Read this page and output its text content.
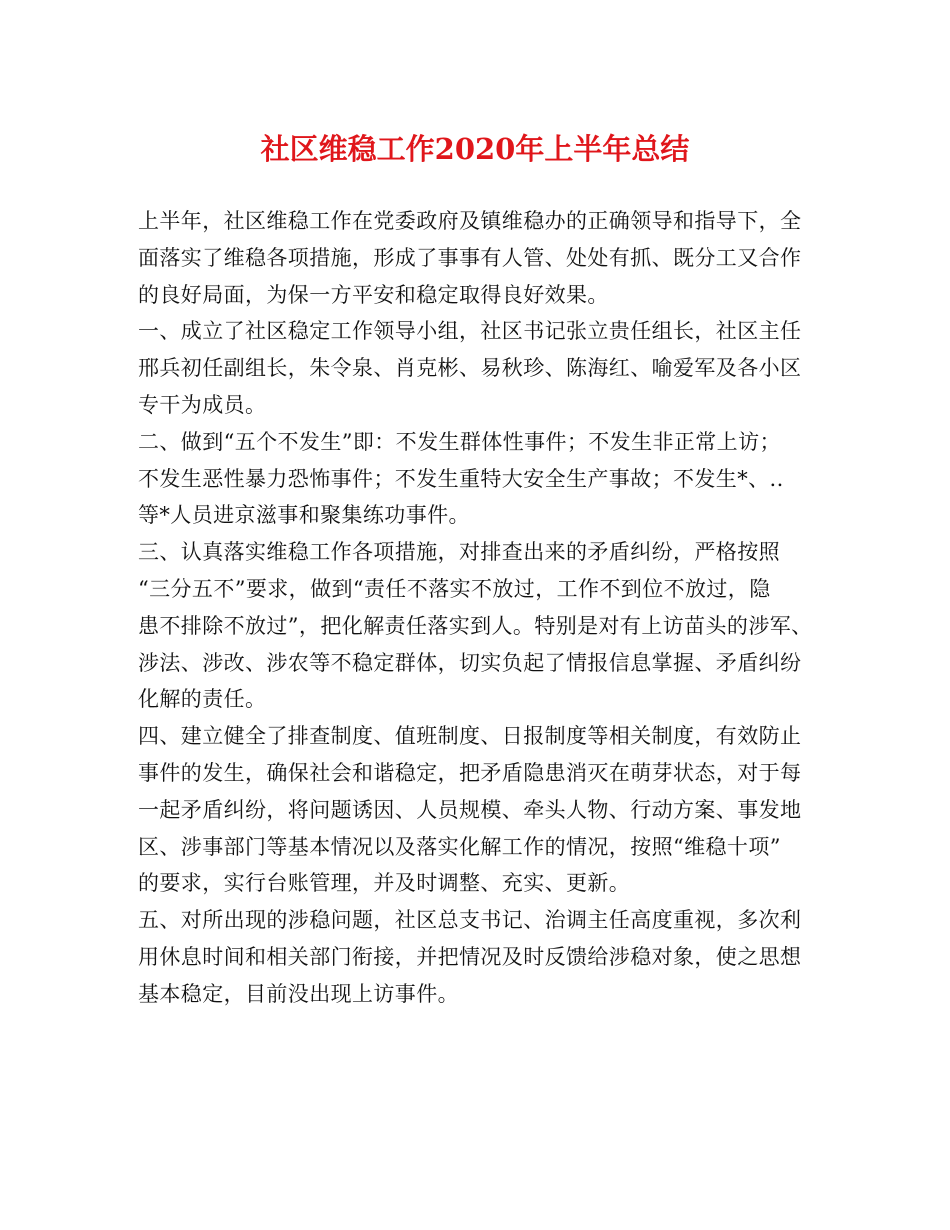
社区维稳工作2020年上半年总结
上半年，社区维稳工作在党委政府及镇维稳办的正确领导和指导下，全
面落实了维稳各项措施，形成了事事有人管、处处有抓、既分工又合作
的良好局面，为保一方平安和稳定取得良好效果。
一、成立了社区稳定工作领导小组，社区书记张立贵任组长，社区主任
邢兵初任副组长，朱令泉、肖克彬、易秋珍、陈海红、喻爱军及各小区
专干为成员。
二、做到“五个不发生”即：不发生群体性事件；不发生非正常上访；
不发生恶性暴力恐怖事件；不发生重特大安全生产事故；不发生*、..
等*人员进京滋事和聚集练功事件。
三、认真落实维稳工作各项措施，对排查出来的矛盾纠纷，严格按照
“三分五不”要求，做到“责任不落实不放过，工作不到位不放过，隐
患不排除不放过”，把化解责任落实到人。特别是对有上访苗头的涉军、
涉法、涉改、涉农等不稳定群体，切实负起了情报信息掌握、矛盾纠纷
化解的责任。
四、建立健全了排查制度、值班制度、日报制度等相关制度，有效防止
事件的发生，确保社会和谐稳定，把矛盾隐患消灭在萌芽状态，对于每
一起矛盾纠纷，将问题诱因、人员规模、牵头人物、行动方案、事发地
区、涉事部门等基本情况以及落实化解工作的情况，按照“维稳十项”
的要求，实行台账管理，并及时调整、充实、更新。
五、对所出现的涉稳问题，社区总支书记、治调主任高度重视，多次利
用休息时间和相关部门衔接，并把情况及时反馈给涉稳对象，使之思想
基本稳定，目前没出现上访事件。
